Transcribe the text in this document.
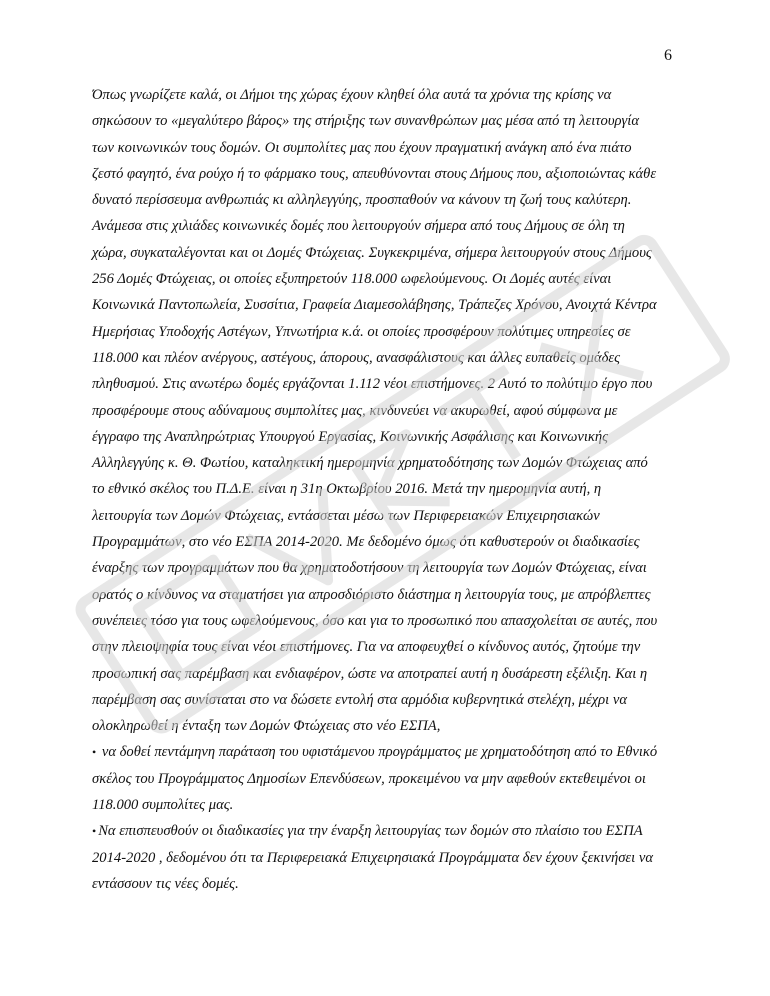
6

Όπως γνωρίζετε καλά, οι Δήμοι της χώρας έχουν κληθεί όλα αυτά τα χρόνια της κρίσης να
σηκώσουν το «μεγαλύτερο βάρος» της στήριξης των συνανθρώπων μας μέσα από τη λειτουργία
των κοινωνικών τους δομών. Οι συμπολίτες μας που έχουν πραγματική ανάγκη από ένα πιάτο
ζεστό φαγητό, ένα ρούχο ή το φάρμακο τους, απευθύνονται στους Δήμους που, αξιοποιώντας κάθε
δυνατό περίσσευμα ανθρωπιάς κι αλληλεγγύης, προσπαθούν να κάνουν τη ζωή τους καλύτερη.
Ανάμεσα στις χιλιάδες κοινωνικές δομές που λειτουργούν σήμερα από τους Δήμους σε όλη τη
χώρα, συγκαταλέγονται και οι Δομές Φτώχειας. Συγκεκριμένα, σήμερα λειτουργούν στους Δήμους
256 Δομές Φτώχειας, οι οποίες εξυπηρετούν 118.000 ωφελούμενους. Οι Δομές αυτές είναι
Κοινωνικά Παντοπωλεία, Συσσίτια, Γραφεία Διαμεσολάβησης, Τράπεζες Χρόνου, Ανοιχτά Κέντρα
Ημερήσιας Υποδοχής Αστέγων, Υπνωτήρια κ.ά. οι οποίες προσφέρουν πολύτιμες υπηρεσίες σε
118.000 και πλέον ανέργους, αστέγους, άπορους, ανασφάλιστους και άλλες ευπαθείς ομάδες
πληθυσμού. Στις ανωτέρω δομές εργάζονται 1.112 νέοι επιστήμονες. 2 Αυτό το πολύτιμο έργο που
προσφέρουμε στους αδύναμους συμπολίτες μας, κινδυνεύει να ακυρωθεί, αφού σύμφωνα με
έγγραφο της Αναπληρώτριας Υπουργού Εργασίας, Κοινωνικής Ασφάλισης και Κοινωνικής
Αλληλεγγύης κ. Θ. Φωτίου, καταληκτική ημερομηνία χρηματοδότησης των Δομών Φτώχειας από
το εθνικό σκέλος του Π.Δ.Ε. είναι η 31η Οκτωβρίου 2016. Μετά την ημερομηνία αυτή, η
λειτουργία των Δομών Φτώχειας, εντάσσεται μέσω των Περιφερειακών Επιχειρησιακών
Προγραμμάτων, στο νέο ΕΣΠΑ 2014-2020. Με δεδομένο όμως ότι καθυστερούν οι διαδικασίες
έναρξης των προγραμμάτων που θα χρηματοδοτήσουν τη λειτουργία των Δομών Φτώχειας, είναι
ορατός ο κίνδυνος να σταματήσει για απροσδιόριστο διάστημα η λειτουργία τους, με απρόβλεπτες
συνέπειες τόσο για τους ωφελούμενους, όσο και για το προσωπικό που απασχολείται σε αυτές, που
στην πλειοψηφία τους είναι νέοι επιστήμονες. Για να αποφευχθεί ο κίνδυνος αυτός, ζητούμε την
προσωπική σας παρέμβαση και ενδιαφέρον, ώστε να αποτραπεί αυτή η δυσάρεστη εξέλιξη. Και η
παρέμβαση σας συνίσταται στο να δώσετε εντολή στα αρμόδια κυβερνητικά στελέχη, μέχρι να
ολοκληρωθεί η ένταξη των Δομών Φτώχειας στο νέο ΕΣΠΑ,

• να δοθεί πεντάμηνη παράταση του υφιστάμενου προγράμματος με χρηματοδότηση από το Εθνικό
σκέλος του Προγράμματος Δημοσίων Επενδύσεων, προκειμένου να μην αφεθούν εκτεθειμένοι οι
118.000 συμπολίτες μας.

• Να επισπευσθούν οι διαδικασίες για την έναρξη λειτουργίας των δομών στο πλαίσιο του ΕΣΠΑ
2014-2020 , δεδομένου ότι τα Περιφερειακά Επιχειρησιακά Προγράμματα δεν έχουν ξεκινήσει να
εντάσσουν τις νέες δομές.
